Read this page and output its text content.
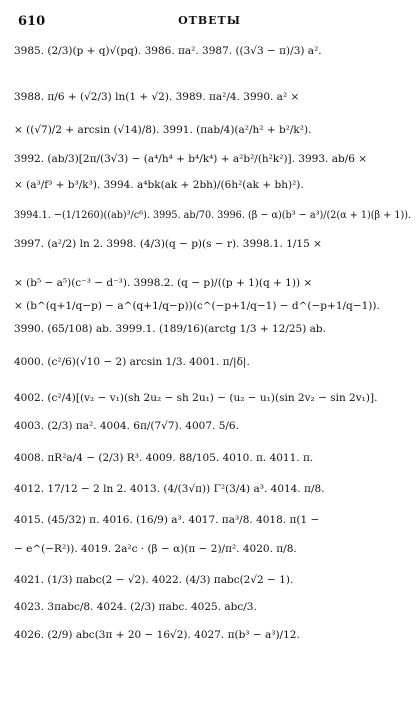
610	ОТВЕТЫ
3985. (2/3)(p + q)√(pq). 3986. πa². 3987. ((3√3 − π)/3) a².
3988. π/6 + (√2/3) ln(1 + √2). 3989. πa²/4. 3990. a² ×
× ((√7)/2 + arcsin (√14)/8). 3991. (πab/4)(a²/h² + b²/k²).
3992. (ab/3)[2π/(3√3) − (a⁴/h⁴ + b⁴/k⁴) + a²b²/(h²k²)]. 3993. ab/6 ×
× (a³/f³ + b³/k³). 3994. a⁴bk(ak + 2bh)/(6h²(ak + bh)²).
3994.1. −(1/1260)((ab)³/c⁶). 3995. ab/70. 3996. (β − α)(b³ − a³)/(2(α + 1)(β + 1)).
3997. (a²/2) ln 2. 3998. (4/3)(q − p)(s − r). 3998.1. 1/15 ×
× (b⁵ − a⁵)(c⁻³ − d⁻³). 3998.2. (q − p)/((p + 1)(q + 1)) ×
× (b^(q+1/q−p) − a^(q+1/q−p))(c^(−p+1/q−1) − d^(−p+1/q−1)).
3990. (65/108) ab. 3999.1. (189/16)(arctg 1/3 + 12/25) ab.
4000. (c²/6)(√10 − 2) arcsin 1/3. 4001. π/|δ|.
4002. (c²/4)[(v₂ − v₁)(sh 2u₂ − sh 2u₁) − (u₂ − u₁)(sin 2v₂ − sin 2v₁)].
4003. (2/3) πa². 4004. 6π/(7√7). 4007. 5/6.
4008. πR²a/4 − (2/3) R³. 4009. 88/105. 4010. π. 4011. π.
4012. 17/12 − 2 ln 2. 4013. (4/(3√π)) Γ²(3/4) a³. 4014. π/8.
4015. (45/32) π. 4016. (16/9) a³. 4017. πa³/8. 4018. π(1 −
− e^(−R²)). 4019. 2a²c · (β − α)(π − 2)/π². 4020. π/8.
4021. (1/3) πabc(2 − √2). 4022. (4/3) πabc(2√2 − 1).
4023. 3πabc/8. 4024. (2/3) πabc. 4025. abc/3.
4026. (2/9) abc(3π + 20 − 16√2). 4027. π(b³ − a³)/12.
